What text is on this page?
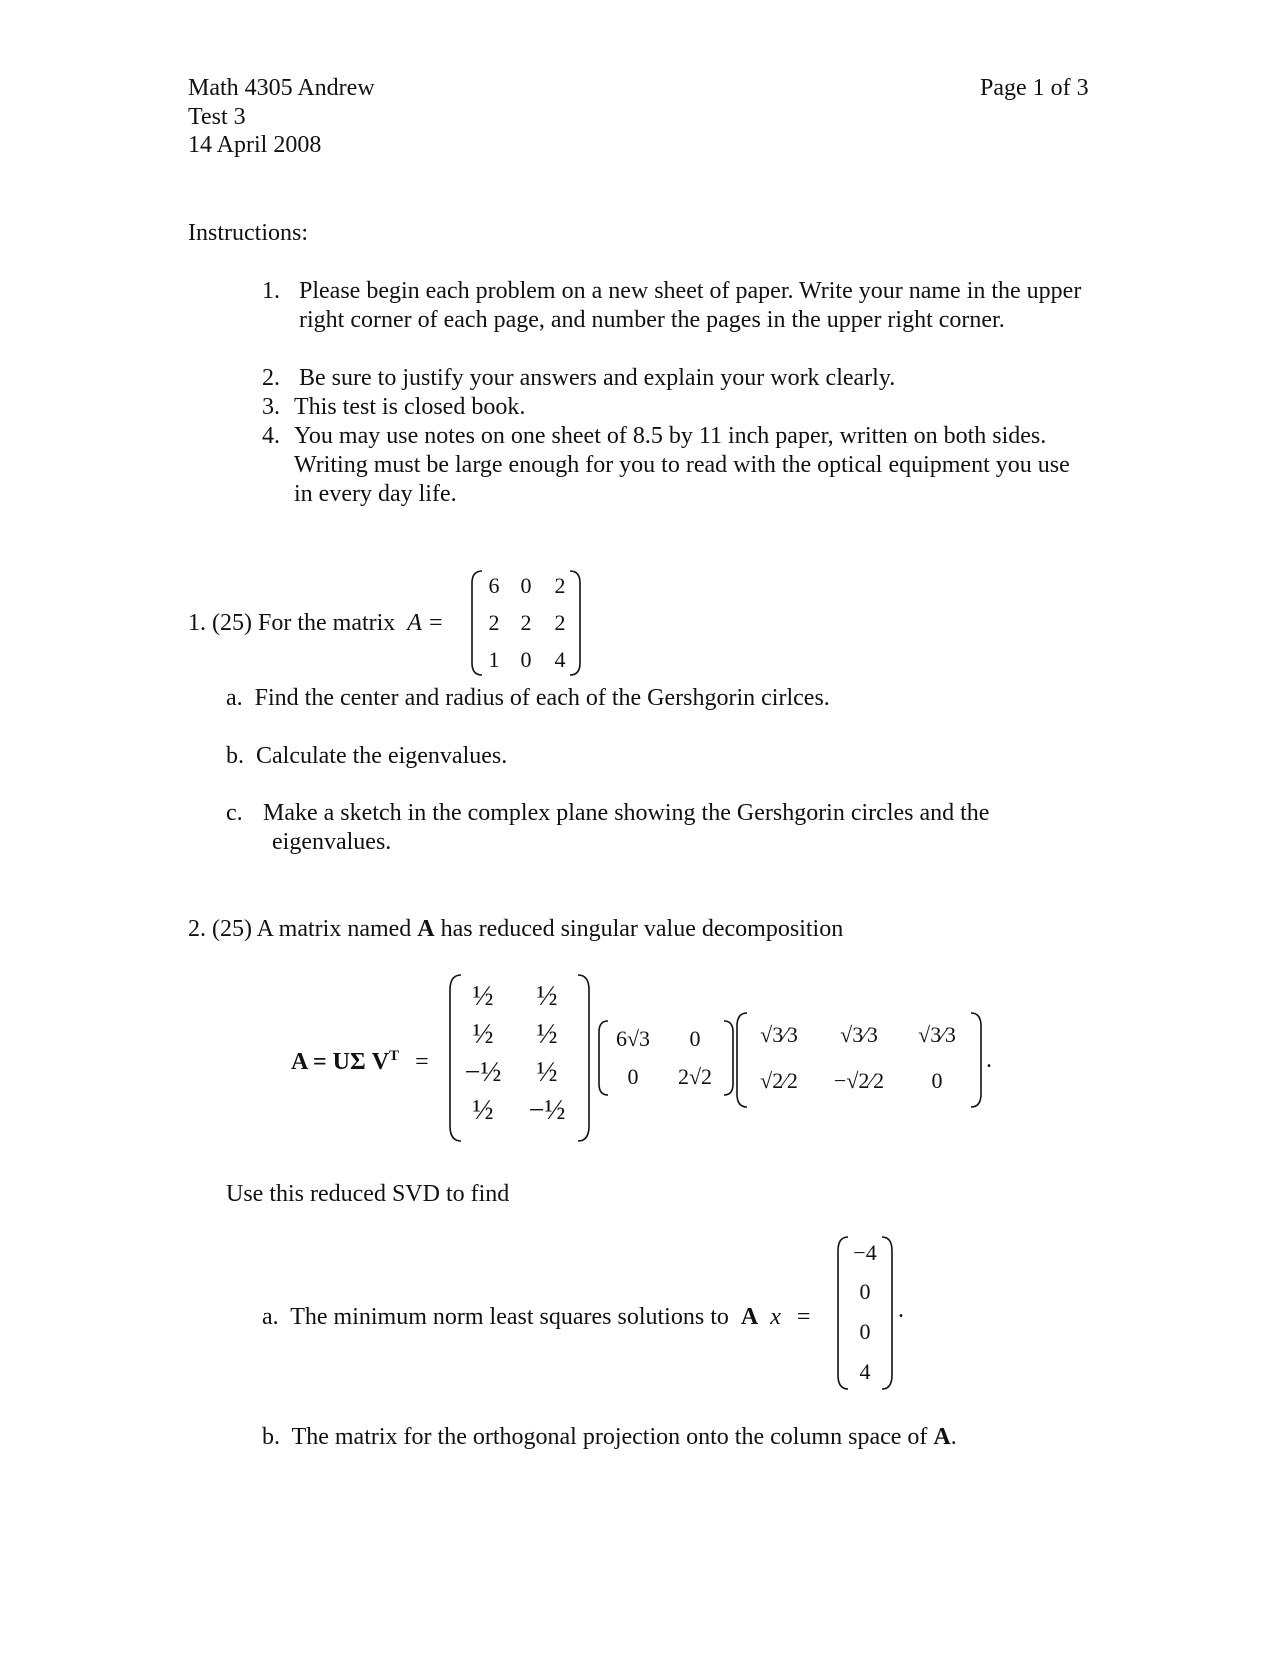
Math 4305 Andrew
Test 3
14 April 2008
Page 1 of 3
Instructions:
1. Please begin each problem on a new sheet of paper. Write your name in the upper right corner of each page, and number the pages in the upper right corner.
2. Be sure to justify your answers and explain your work clearly.
3. This test is closed book.
4. You may use notes on one sheet of 8.5 by 11 inch paper, written on both sides. Writing must be large enough for you to read with the optical equipment you use in every day life.
1. (25) For the matrix A =
6 0 2
2 2 2
1 0 4
a. Find the center and radius of each of the Gershgorin cirlces.
b. Calculate the eigenvalues.
c. Make a sketch in the complex plane showing the Gershgorin circles and the eigenvalues.
2. (25) A matrix named A has reduced singular value decomposition
A = UΣ $V^T$ =
½	½
½	½
−½	½
½	−½
6√3	0
0	2√2
√3⁄3	√3⁄3	√3⁄3
√2⁄2	−√2⁄2	0
.
Use this reduced SVD to find
a. The minimum norm least squares solutions to A x =
−4
0
0
4
.
b. The matrix for the orthogonal projection onto the column space of A.
